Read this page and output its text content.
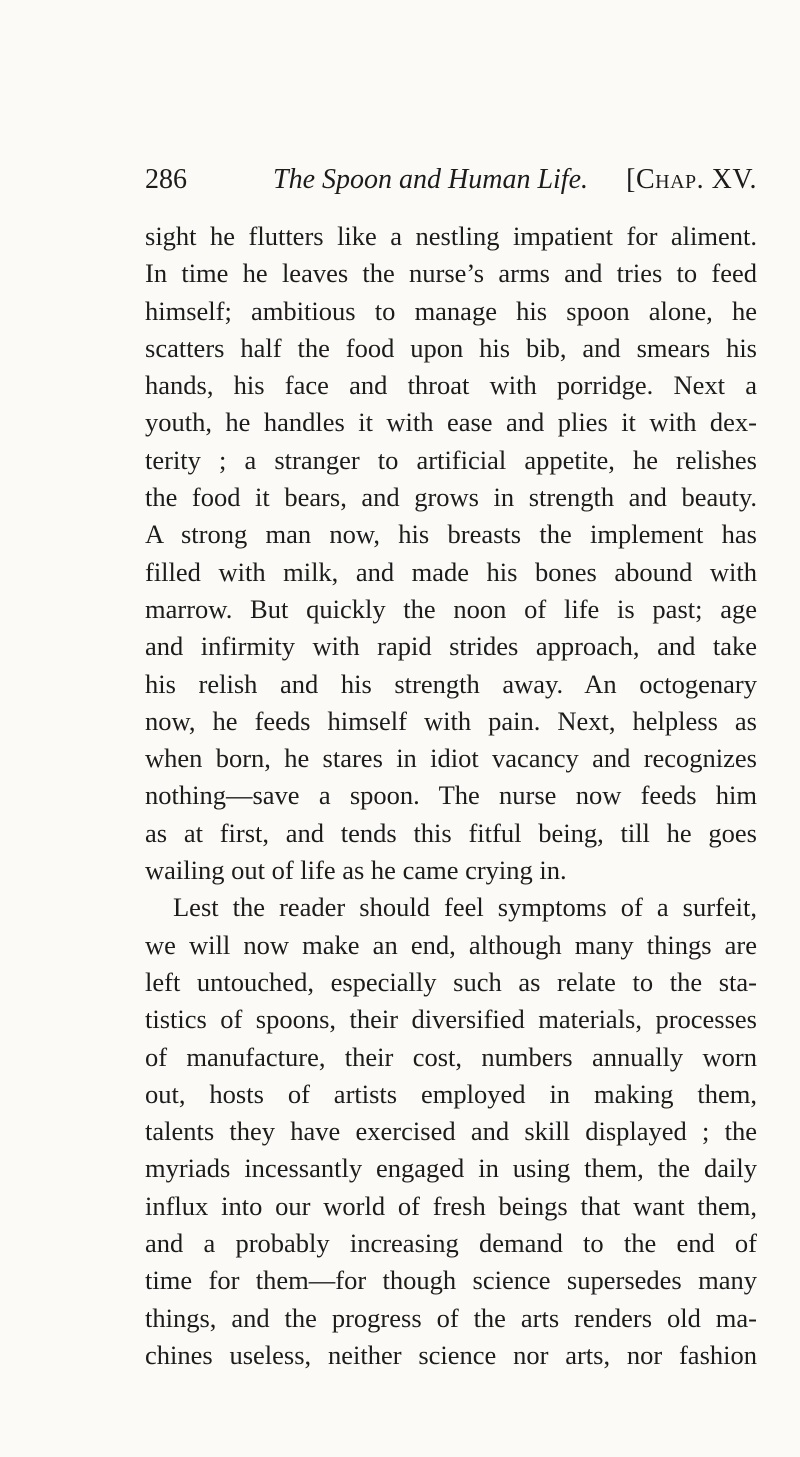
286	The Spoon and Human Life. [Chap. XV.
sight he flutters like a nestling impatient for aliment.
In time he leaves the nurse’s arms and tries to feed
himself; ambitious to manage his spoon alone, he
scatters half the food upon his bib, and smears his
hands, his face and throat with porridge. Next a
youth, he handles it with ease and plies it with dex-
terity ; a stranger to artificial appetite, he relishes
the food it bears, and grows in strength and beauty.
A strong man now, his breasts the implement has
filled with milk, and made his bones abound with
marrow. But quickly the noon of life is past; age
and infirmity with rapid strides approach, and take
his relish and his strength away. An octogenary
now, he feeds himself with pain. Next, helpless as
when born, he stares in idiot vacancy and recognizes
nothing—save a spoon. The nurse now feeds him
as at first, and tends this fitful being, till he goes
wailing out of life as he came crying in.
Lest the reader should feel symptoms of a surfeit,
we will now make an end, although many things are
left untouched, especially such as relate to the sta-
tistics of spoons, their diversified materials, processes
of manufacture, their cost, numbers annually worn
out, hosts of artists employed in making them,
talents they have exercised and skill displayed ; the
myriads incessantly engaged in using them, the daily
influx into our world of fresh beings that want them,
and a probably increasing demand to the end of
time for them—for though science supersedes many
things, and the progress of the arts renders old ma-
chines useless, neither science nor arts, nor fashion
